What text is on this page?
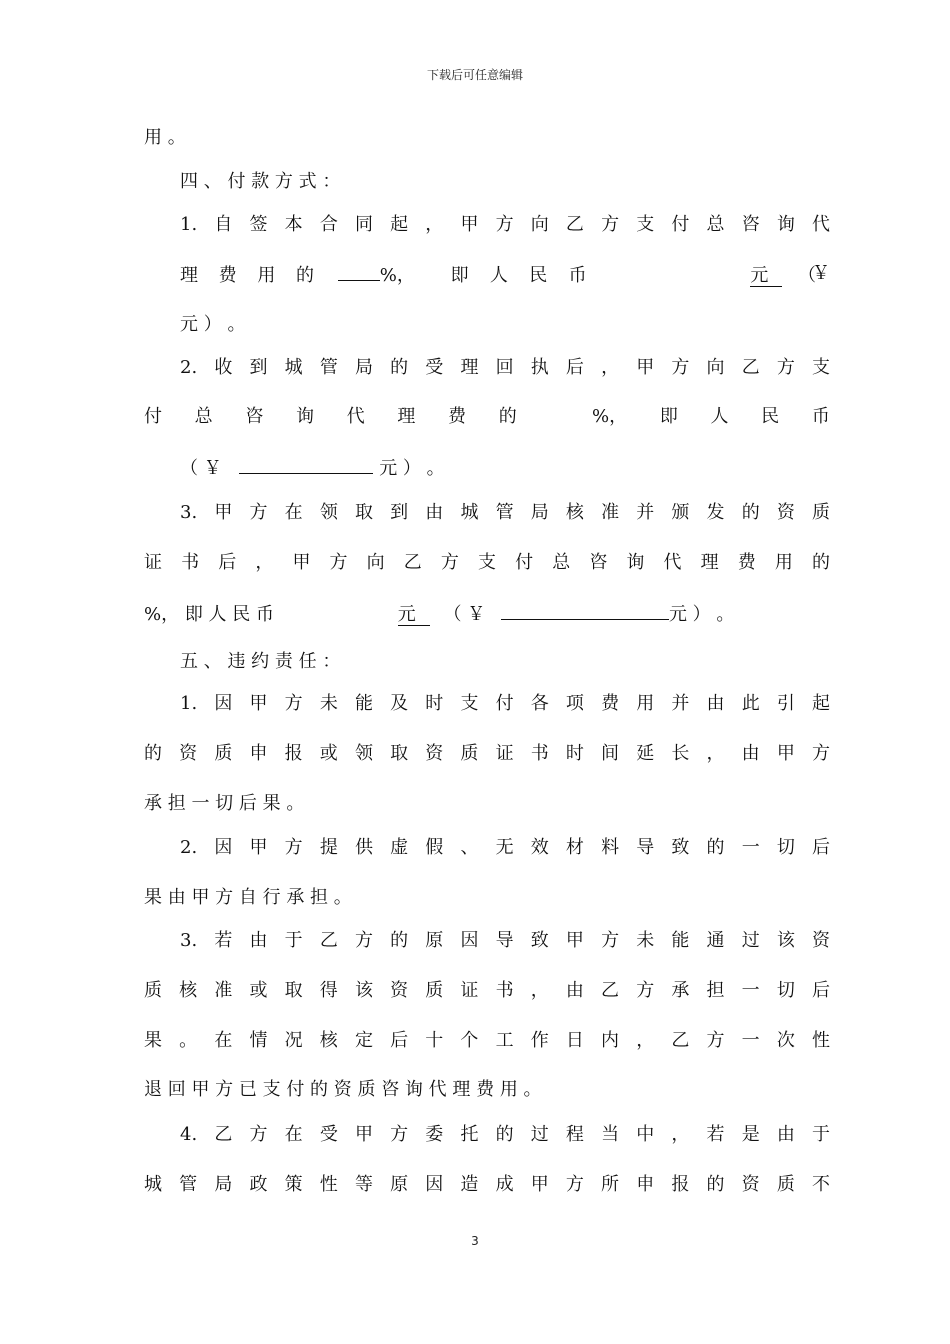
下载后可任意编辑
用 。
四 、 付 款 方 式 ：
1. 自 签 本 合 同 起 ， 甲 方 向 乙 方 支 付 总 咨 询 代
理 费 用 的	%， 即 人 民 币	元 （
￥
元 ） 。
2. 收 到 城 管 局 的 受 理 回 执 后 ， 甲 方 向 乙 方 支
付 总 咨 询 代 理 费 的	%， 即 人 民 币
（ ￥	元 ） 。
3. 甲 方 在 领 取 到 由 城 管 局 核 准 并 颁 发 的 资 质
证 书 后 ， 甲 方 向 乙 方 支 付 总 咨 询 代 理 费 用 的
%， 即 人 民 币	元 （ ￥	元 ） 。
五 、 违 约 责 任 ：
1. 因 甲 方 未 能 及 时 支 付 各 项 费 用 并 由 此 引 起
的 资 质 申 报 或 领 取 资 质 证 书 时 间 延 长 ， 由 甲 方
承 担 一 切 后 果 。
2. 因 甲 方 提 供 虚 假 、 无 效 材 料 导 致 的 一 切 后
果 由 甲 方 自 行 承 担 。
3. 若 由 于 乙 方 的 原 因 导 致 甲 方 未 能 通 过 该 资
质 核 准 或 取 得 该 资 质 证 书 ， 由 乙 方 承 担 一 切 后
果 。 在 情 况 核 定 后 十 个 工 作 日 内 ， 乙 方 一 次 性
退 回 甲 方 已 支 付 的 资 质 咨 询 代 理 费 用 。
4. 乙 方 在 受 甲 方 委 托 的 过 程 当 中 ， 若 是 由 于
城 管 局 政 策 性 等 原 因 造 成 甲 方 所 申 报 的 资 质 不
3
